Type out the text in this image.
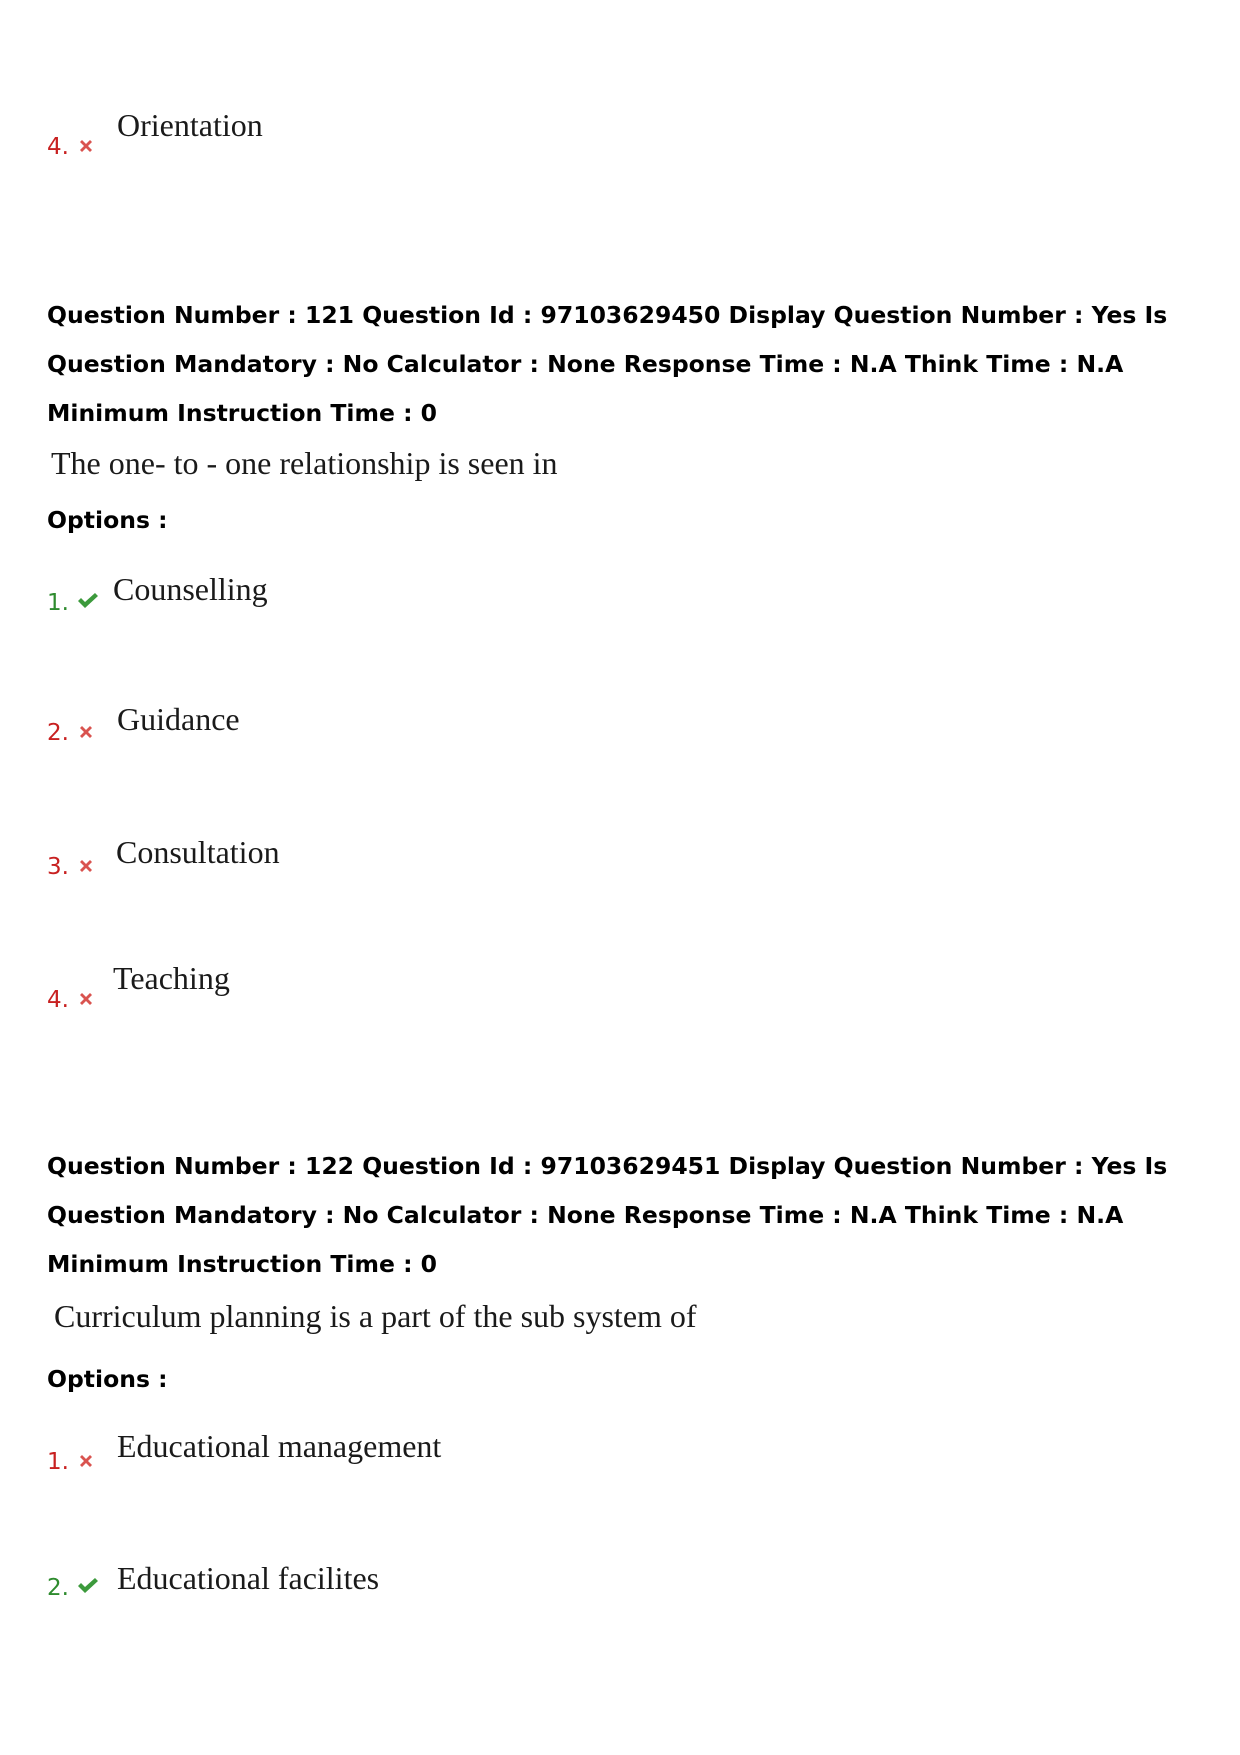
4.
Orientation
Question Number : 121 Question Id : 97103629450 Display Question Number : Yes Is Question Mandatory : No Calculator : None Response Time : N.A Think Time : N.A Minimum Instruction Time : 0
The one- to - one relationship is seen in
Options :
1. Counselling
2. Guidance
3. Consultation
4.
Teaching
Question Number : 122 Question Id : 97103629451 Display Question Number : Yes Is Question Mandatory : No Calculator : None Response Time : N.A Think Time : N.A Minimum Instruction Time : 0
Curriculum planning is a part of the sub system of
Options :
1. Educational management
2. Educational facilites
